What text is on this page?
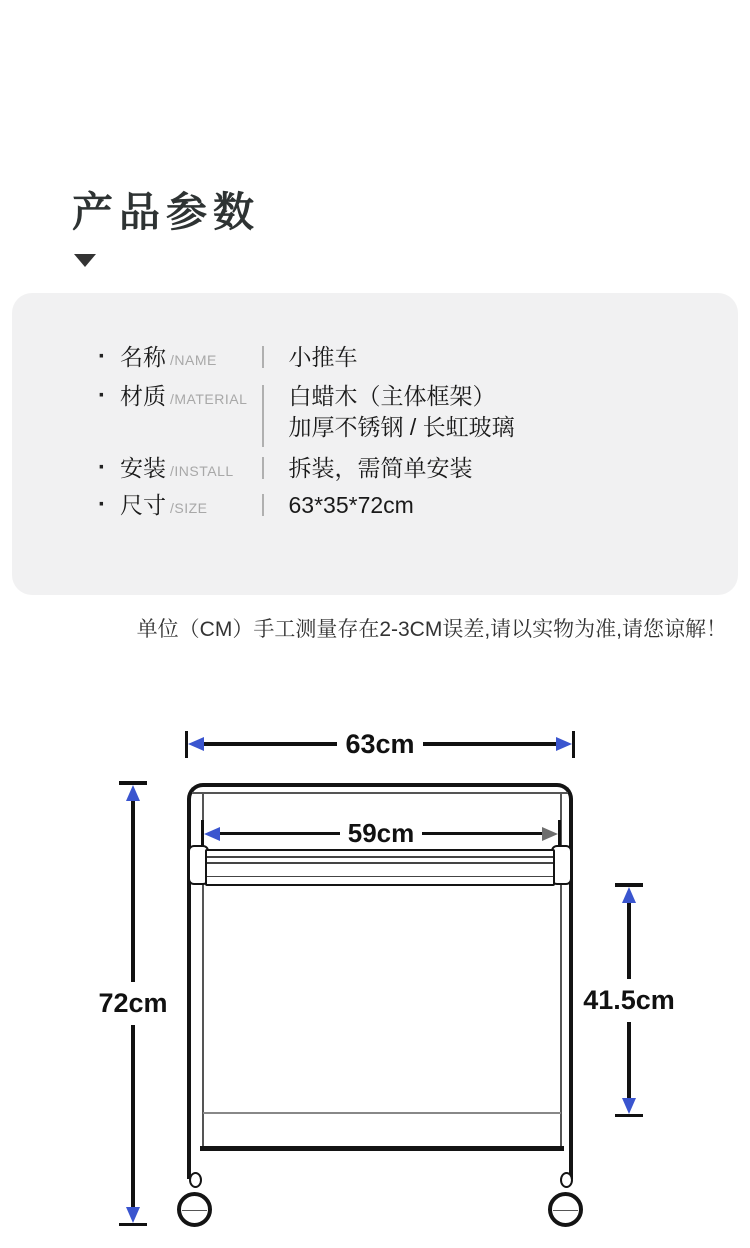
产品参数
· 名称 /NAME	小推车
· 材质 /MATERIAL 白蜡木（主体框架）
加厚不锈钢 / 长虹玻璃
· 安装 /INSTALL 拆装，需简单安装
· 尺寸 /SIZE	63*35*72cm
单位（CM）手工测量存在2-3CM误差,请以实物为准,请您谅解！
63cm
59cm
72cm	41.5cm
